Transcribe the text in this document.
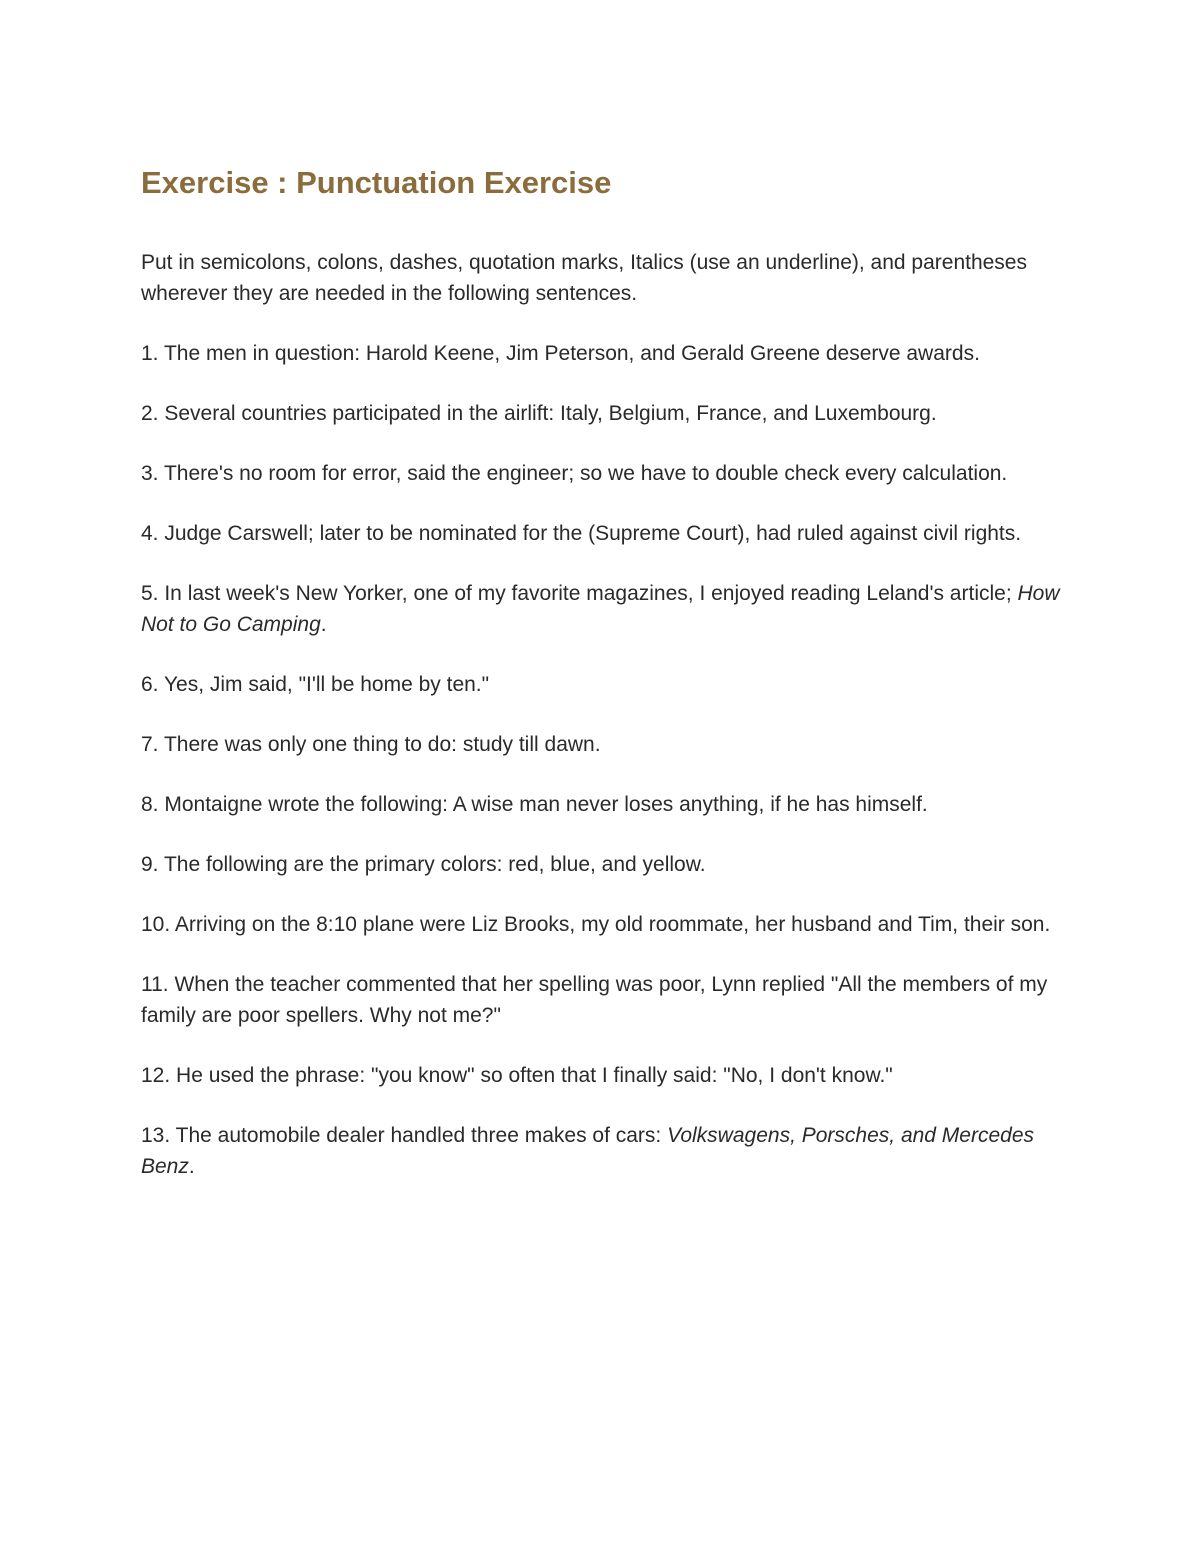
Exercise : Punctuation Exercise

Put in semicolons, colons, dashes, quotation marks, Italics (use an underline), and parentheses wherever they are needed in the following sentences.

1. The men in question: Harold Keene, Jim Peterson, and Gerald Greene deserve awards.

2. Several countries participated in the airlift: Italy, Belgium, France, and Luxembourg.

3. There's no room for error, said the engineer; so we have to double check every calculation.

4. Judge Carswell; later to be nominated for the (Supreme Court), had ruled against civil rights.

5. In last week's New Yorker, one of my favorite magazines, I enjoyed reading Leland's article; How Not to Go Camping.

6. Yes, Jim said, "I'll be home by ten."

7. There was only one thing to do: study till dawn.

8. Montaigne wrote the following: A wise man never loses anything, if he has himself.

9. The following are the primary colors: red, blue, and yellow.

10. Arriving on the 8:10 plane were Liz Brooks, my old roommate, her husband and Tim, their son.

11. When the teacher commented that her spelling was poor, Lynn replied "All the members of my family are poor spellers. Why not me?"

12. He used the phrase: "you know" so often that I finally said: "No, I don't know."

13. The automobile dealer handled three makes of cars: Volkswagens, Porsches, and Mercedes Benz.
